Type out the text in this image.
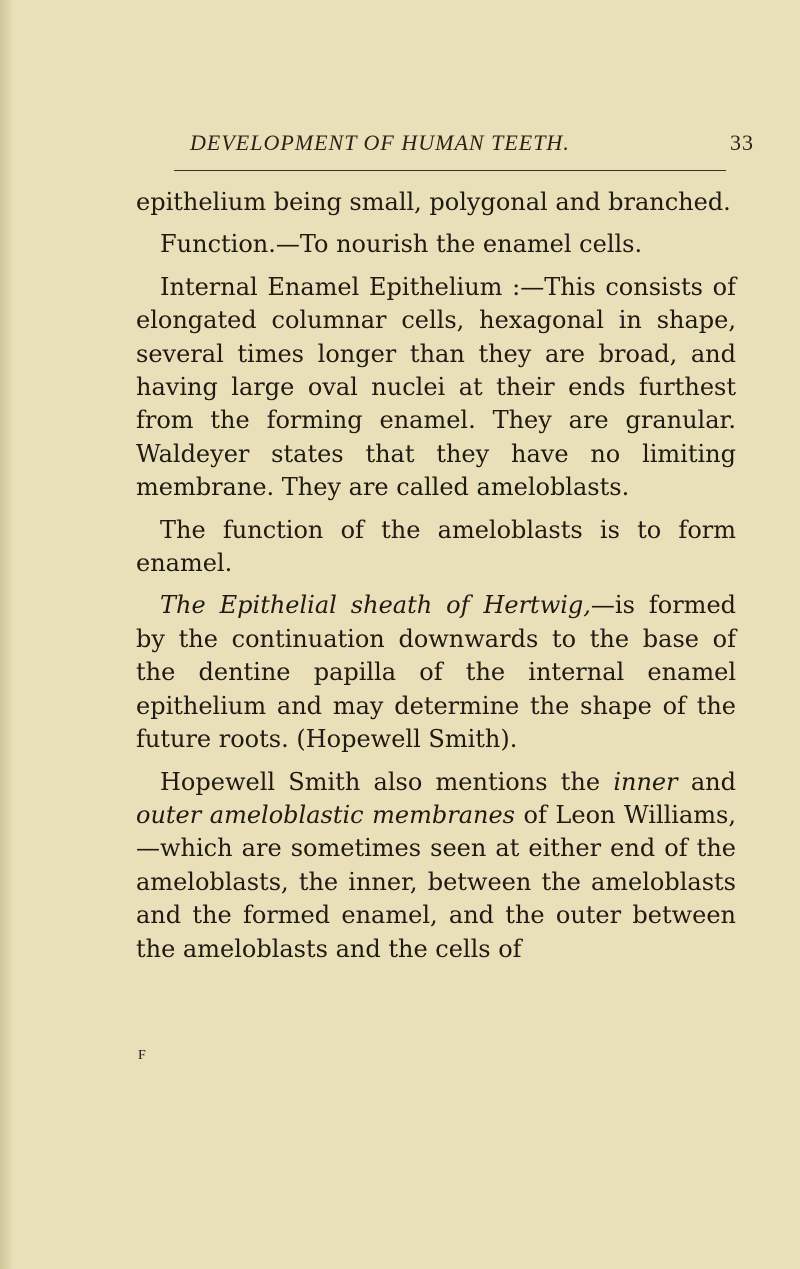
DEVELOPMENT OF HUMAN TEETH.	33

epithelium being small, polygonal and branched.

Function.—To nourish the enamel cells.

Internal Enamel Epithelium :—This consists of elongated columnar cells, hexagonal in shape, several times longer than they are broad, and having large oval nuclei at their ends furthest from the forming enamel. They are granular. Waldeyer states that they have no limiting membrane. They are called ameloblasts.

The function of the ameloblasts is to form enamel.

The Epithelial sheath of Hertwig,—is formed by the continuation downwards to the base of the dentine papilla of the internal enamel epithelium and may determine the shape of the future roots. (Hopewell Smith).

Hopewell Smith also mentions the inner and outer ameloblastic membranes of Leon Williams,—which are sometimes seen at either end of the ameloblasts, the inner, between the ameloblasts and the formed enamel, and the outer between the ameloblasts and the cells of

F
